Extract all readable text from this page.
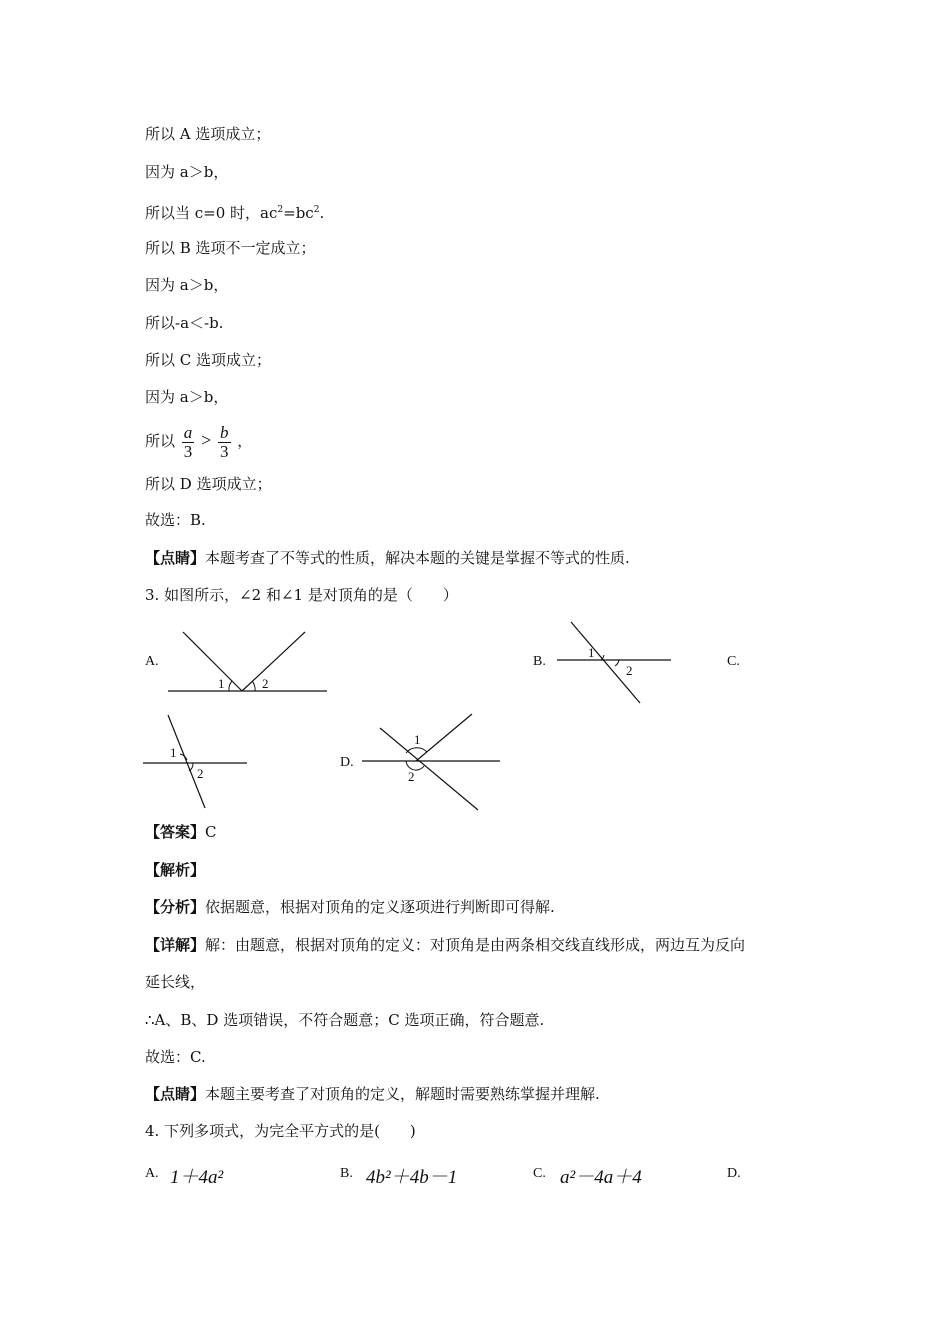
所以 A 选项成立；
因为 a＞b，
所以当 c=0 时，$ac^2=bc^2$.
所以 B 选项不一定成立；
因为 a＞b，
所以-a＜-b.
所以 C 选项成立；
因为 a＞b，
所以 $\frac{a}{3} > \frac{b}{3}$ ，
所以 D 选项成立；
故选：B.
【点睛】本题考查了不等式的性质，解决本题的关键是掌握不等式的性质.
3. 如图所示，∠2 和∠1 是对顶角的是（　　）
A.
1	2
1
2
1
2
1
2
B.	C.
D.
【答案】C
【解析】
【分析】依据题意，根据对顶角的定义逐项进行判断即可得解.
【详解】解：由题意，根据对顶角的定义：对顶角是由两条相交线直线形成，两边互为反向
延长线，
∴A、B、D 选项错误，不符合题意；C 选项正确，符合题意.
故选：C.
【点睛】本题主要考查了对顶角的定义，解题时需要熟练掌握并理解.
4. 下列多项式，为完全平方式的是(　　)
A. 1＋4a²	B. 4b²＋4b－1	C. a²－4a＋4	D.
